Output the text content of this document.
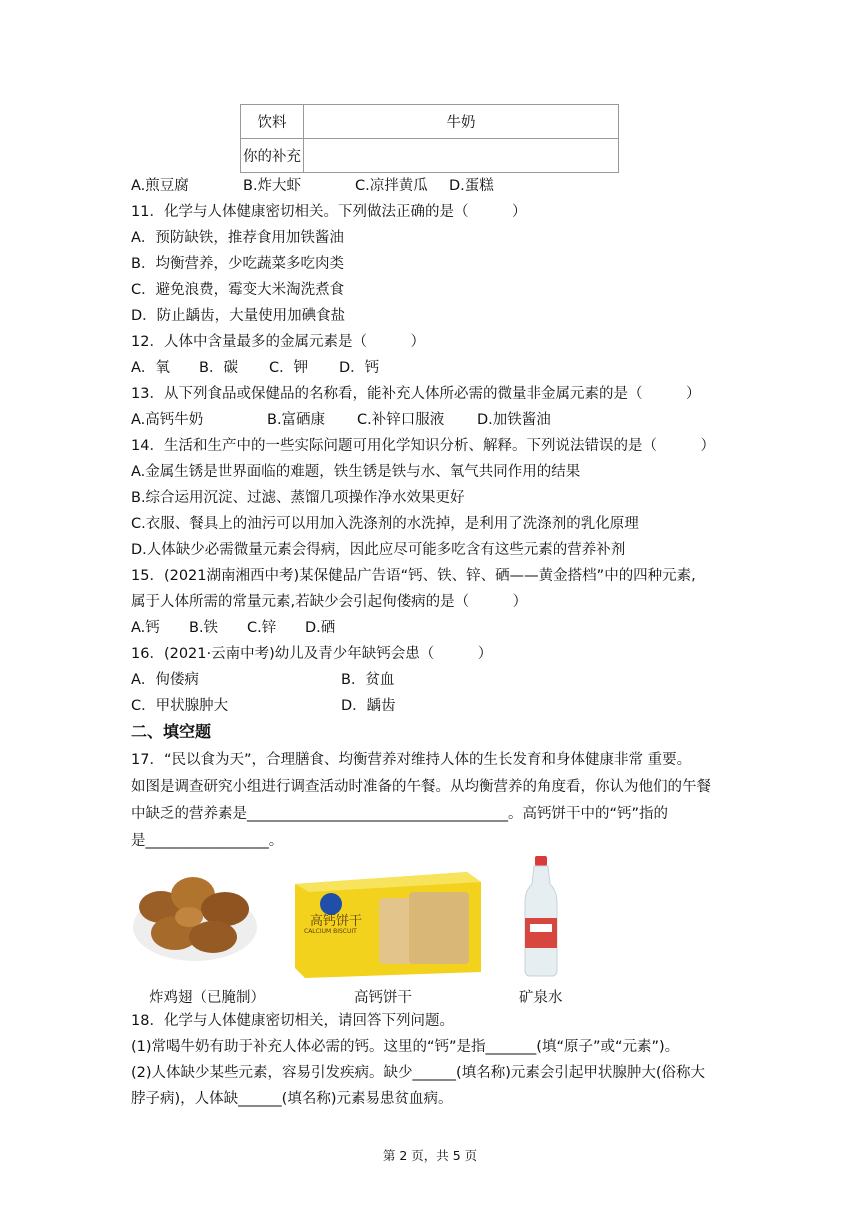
饮料	牛奶
你的补充	
A.煎豆腐	B.炸大虾	C.凉拌黄瓜 D.蛋糕
11．化学与人体健康密切相关。下列做法正确的是（　　　）
A．预防缺铁，推荐食用加铁酱油
B．均衡营养，少吃蔬菜多吃肉类
C．避免浪费，霉变大米淘洗煮食
D．防止龋齿，大量使用加碘食盐
12．人体中含量最多的金属元素是（　　　）
A．氧 B．碳 C．钾 D．钙
13．从下列食品或保健品的名称看，能补充人体所必需的微量非金属元素的是（　　　）
A.高钙牛奶	B.富硒康 C.补锌口服液 D.加铁酱油
14．生活和生产中的一些实际问题可用化学知识分析、解释。下列说法错误的是（　　　）
A.金属生锈是世界面临的难题，铁生锈是铁与水、氧气共同作用的结果
B.综合运用沉淀、过滤、蒸馏几项操作净水效果更好
C.衣服、餐具上的油污可以用加入洗涤剂的水洗掉，是利用了洗涤剂的乳化原理
D.人体缺少必需微量元素会得病，因此应尽可能多吃含有这些元素的营养补剂
15．(2021湖南湘西中考)某保健品广告语“钙、铁、锌、硒——黄金搭档”中的四种元素,
属于人体所需的常量元素,若缺少会引起佝偻病的是（　　　）
A.钙 B.铁 C.锌 D.硒
16．(2021·云南中考)幼儿及青少年缺钙会患（　　　）
A．佝偻病	B．贫血
C．甲状腺肿大	D．龋齿
二、填空题
17．“民以食为天”，合理膳食、均衡营养对维持人体的生长发育和身体健康非常 重要。
如图是调查研究小组进行调查活动时准备的午餐。从均衡营养的角度看，你认为他们的午餐
中缺乏的营养素是____________________________________。高钙饼干中的“钙”指的
是_________________。
高钙饼干
CALCIUM BISCUIT
炸鸡翅（已腌制）	高钙饼干	矿泉水
18．化学与人体健康密切相关，请回答下列问题。
(1)常喝牛奶有助于补充人体必需的钙。这里的“钙”是指_______(填“原子”或“元素”)。
(2)人体缺少某些元素，容易引发疾病。缺少______(填名称)元素会引起甲状腺肿大(俗称大
脖子病)，人体缺______(填名称)元素易患贫血病。
第 2 页，共 5 页
